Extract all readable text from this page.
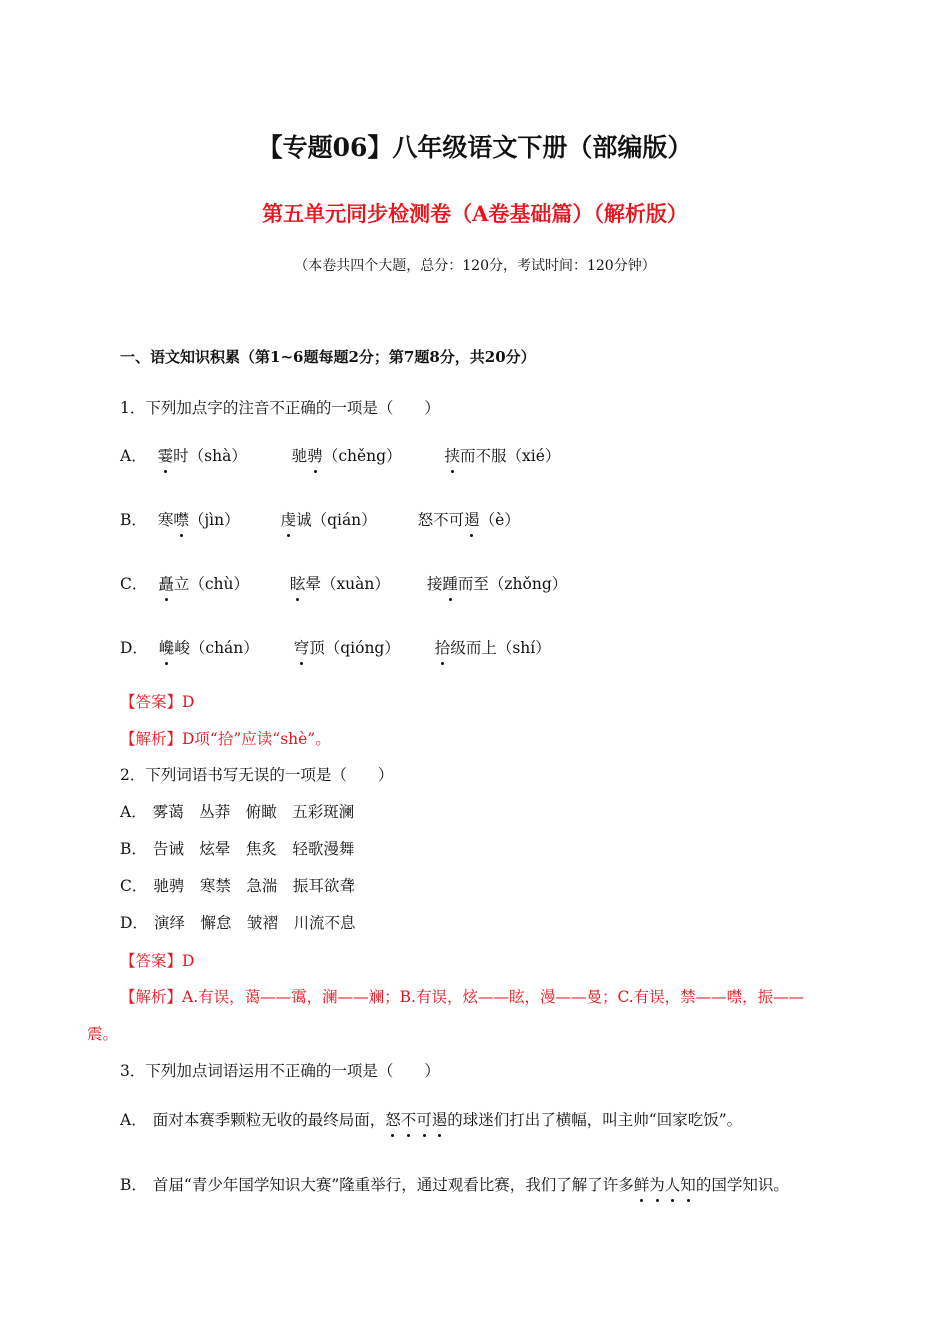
【专题06】八年级语文下册（部编版）
第五单元同步检测卷（A卷基础篇）（解析版）
（本卷共四个大题，总分：120分，考试时间：120分钟）
一、语文知识积累（第1~6题每题2分；第7题8分，共20分）
1．下列加点字的注音不正确的一项是（　　）
A． 霎时（shà）	驰骋（chěng）	挟而不服（xié）
B． 寒噤（jìn）	虔诚（qián）	怒不可遏（è）
C． 矗立（chù）	眩晕（xuàn） 接踵而至（zhǒng）
D． 巉峻（chán） 穹顶（qióng） 拾级而上（shí）
【答案】D
【解析】D项“拾”应读“shè”。
2．下列词语书写无误的一项是（　　）
A． 雾蔼　丛莽　俯瞰　五彩斑澜
B． 告诫　炫晕　焦炙　轻歌漫舞
C． 驰骋　寒禁　急湍　振耳欲聋
D． 演绎　懈怠　皱褶　川流不息
【答案】D
【解析】A.有误，蔼——霭，澜——斓；B.有误，炫——眩，漫——曼；C.有误，禁——噤，振——
震。
3．下列加点词语运用不正确的一项是（　　）
A． 面对本赛季颗粒无收的最终局面，怒不可遏的球迷们打出了横幅，叫主帅“回家吃饭”。
B． 首届“青少年国学知识大赛”隆重举行，通过观看比赛，我们了解了许多鲜为人知的国学知识。
